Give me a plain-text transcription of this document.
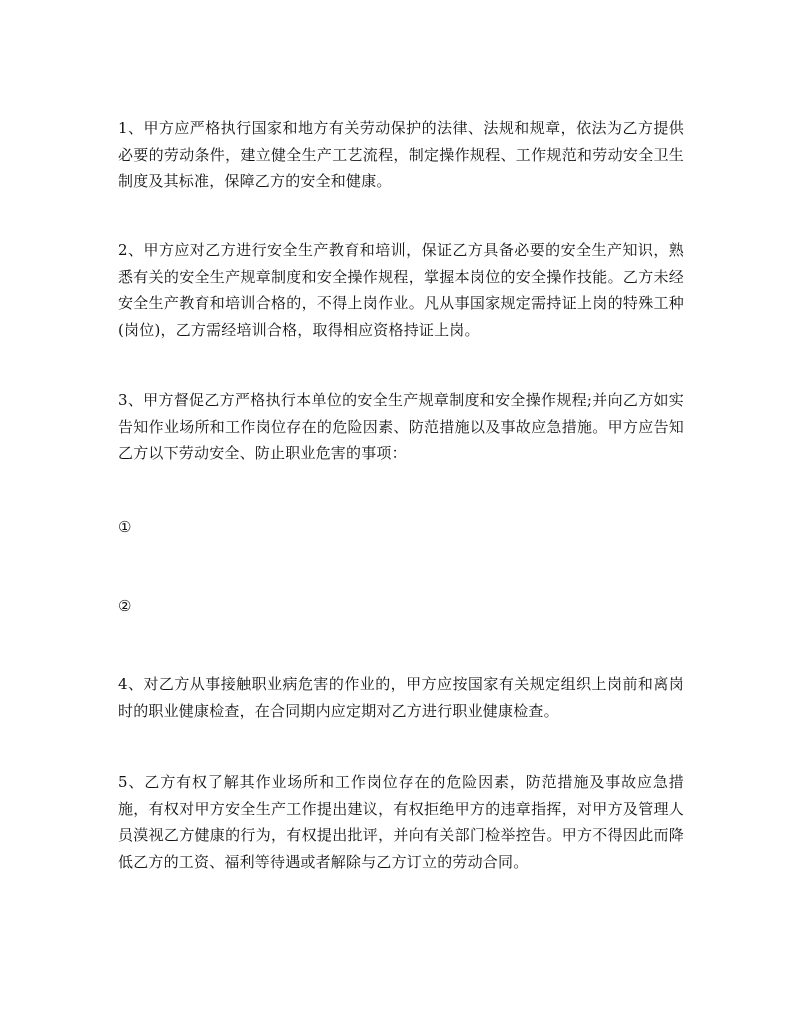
1、甲方应严格执行国家和地方有关劳动保护的法律、法规和规章，依法为乙方提供必要的劳动条件，建立健全生产工艺流程，制定操作规程、工作规范和劳动安全卫生制度及其标准，保障乙方的安全和健康。

2、甲方应对乙方进行安全生产教育和培训，保证乙方具备必要的安全生产知识，熟悉有关的安全生产规章制度和安全操作规程，掌握本岗位的安全操作技能。乙方未经安全生产教育和培训合格的，不得上岗作业。凡从事国家规定需持证上岗的特殊工种(岗位)，乙方需经培训合格，取得相应资格持证上岗。

3、甲方督促乙方严格执行本单位的安全生产规章制度和安全操作规程;并向乙方如实告知作业场所和工作岗位存在的危险因素、防范措施以及事故应急措施。甲方应告知乙方以下劳动安全、防止职业危害的事项：

①

②

4、对乙方从事接触职业病危害的作业的，甲方应按国家有关规定组织上岗前和离岗时的职业健康检查，在合同期内应定期对乙方进行职业健康检查。

5、乙方有权了解其作业场所和工作岗位存在的危险因素，防范措施及事故应急措施，有权对甲方安全生产工作提出建议，有权拒绝甲方的违章指挥，对甲方及管理人员漠视乙方健康的行为，有权提出批评，并向有关部门检举控告。甲方不得因此而降低乙方的工资、福利等待遇或者解除与乙方订立的劳动合同。
